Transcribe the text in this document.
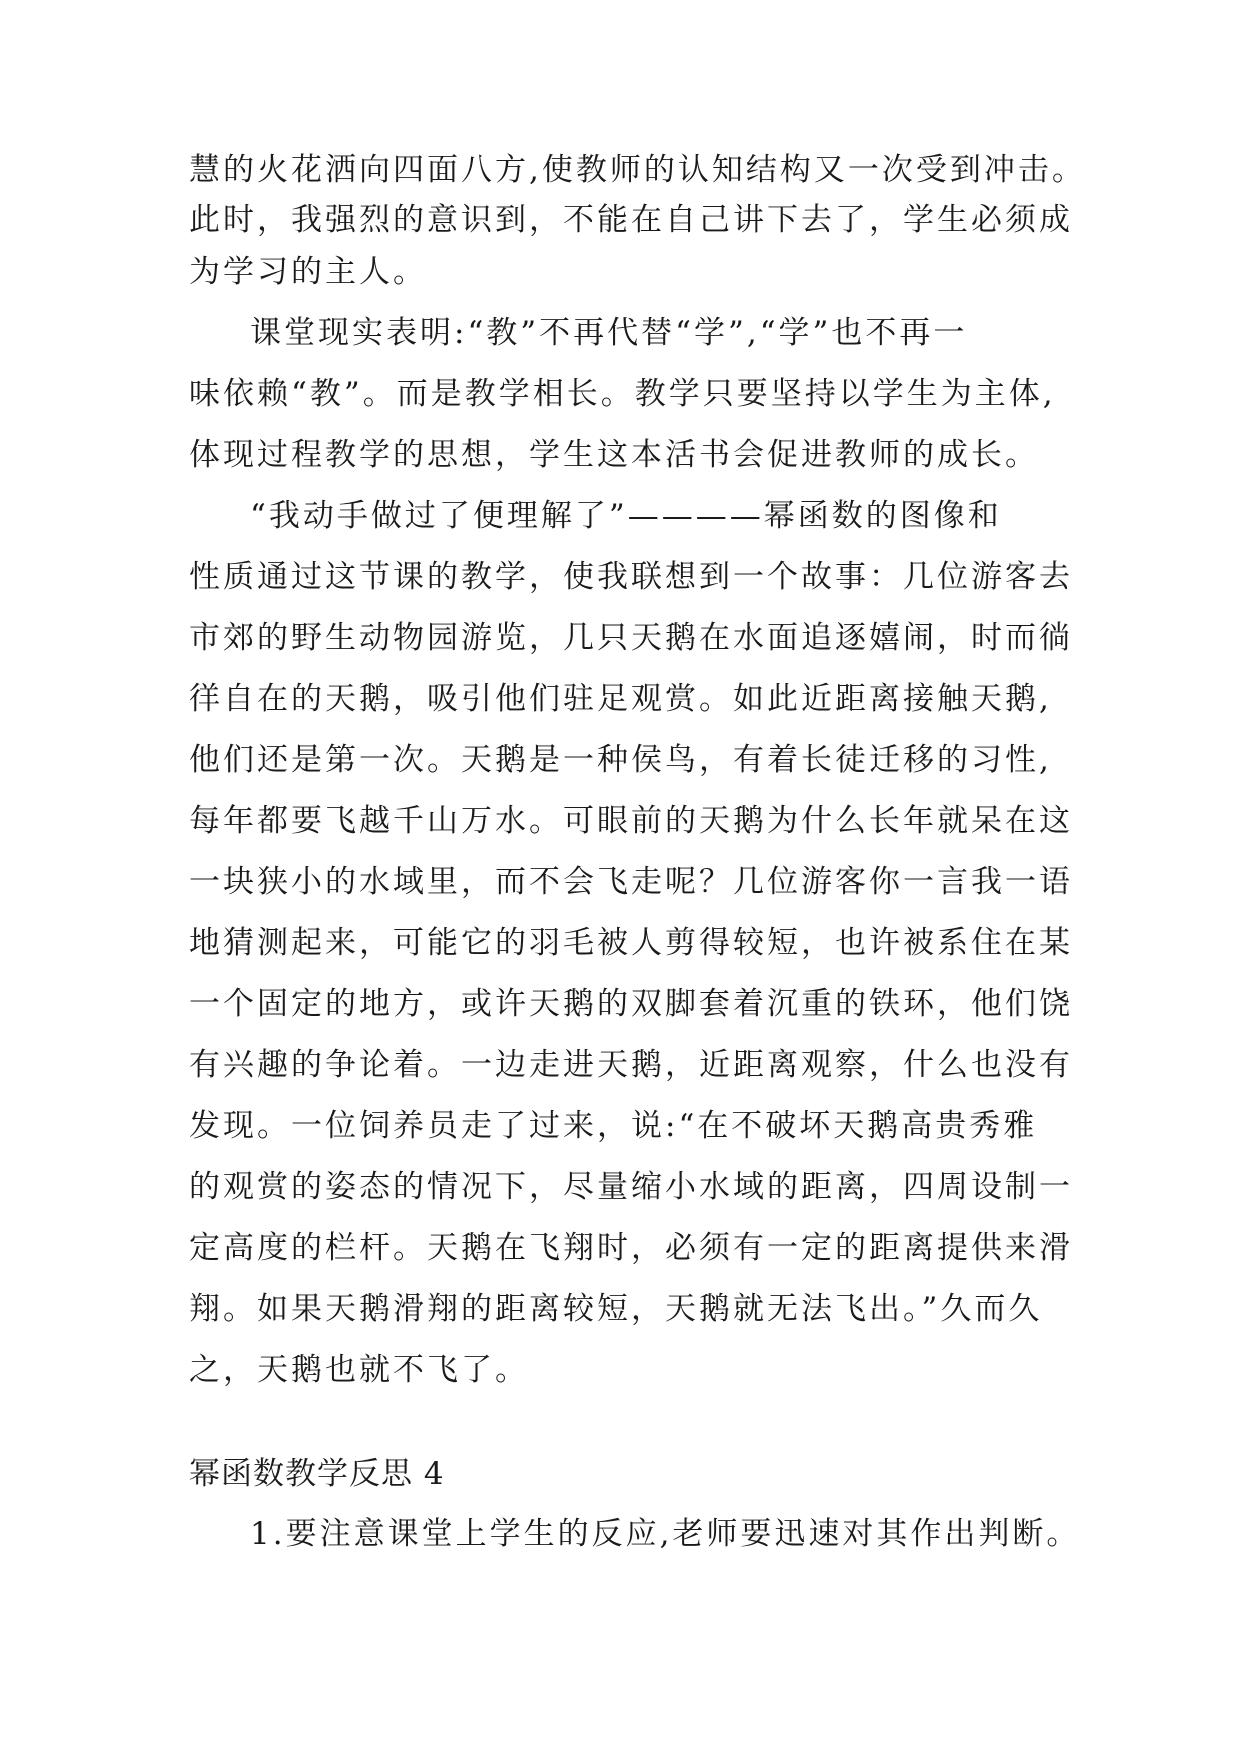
慧的火花洒向四面八方,使教师的认知结构又一次受到冲击。
此时，我强烈的意识到，不能在自己讲下去了，学生必须成
为学习的主人。
课堂现实表明:“教”不再代替“学”,“学”也不再一
味依赖“教”。而是教学相长。教学只要坚持以学生为主体,
体现过程教学的思想，学生这本活书会促进教师的成长。
“我动手做过了便理解了”————幂函数的图像和
性质通过这节课的教学，使我联想到一个故事：几位游客去
市郊的野生动物园游览，几只天鹅在水面追逐嬉闹，时而徜
徉自在的天鹅，吸引他们驻足观赏。如此近距离接触天鹅,
他们还是第一次。天鹅是一种侯鸟，有着长徒迁移的习性,
每年都要飞越千山万水。可眼前的天鹅为什么长年就呆在这
一块狭小的水域里，而不会飞走呢？几位游客你一言我一语
地猜测起来，可能它的羽毛被人剪得较短，也许被系住在某
一个固定的地方，或许天鹅的双脚套着沉重的铁环，他们饶
有兴趣的争论着。一边走进天鹅，近距离观察，什么也没有
发现。一位饲养员走了过来，说:“在不破坏天鹅高贵秀雅
的观赏的姿态的情况下，尽量缩小水域的距离，四周设制一
定高度的栏杆。天鹅在飞翔时，必须有一定的距离提供来滑
翔。如果天鹅滑翔的距离较短，天鹅就无法飞出。”久而久
之，天鹅也就不飞了。
幂函数教学反思 4
1.要注意课堂上学生的反应,老师要迅速对其作出判断。
